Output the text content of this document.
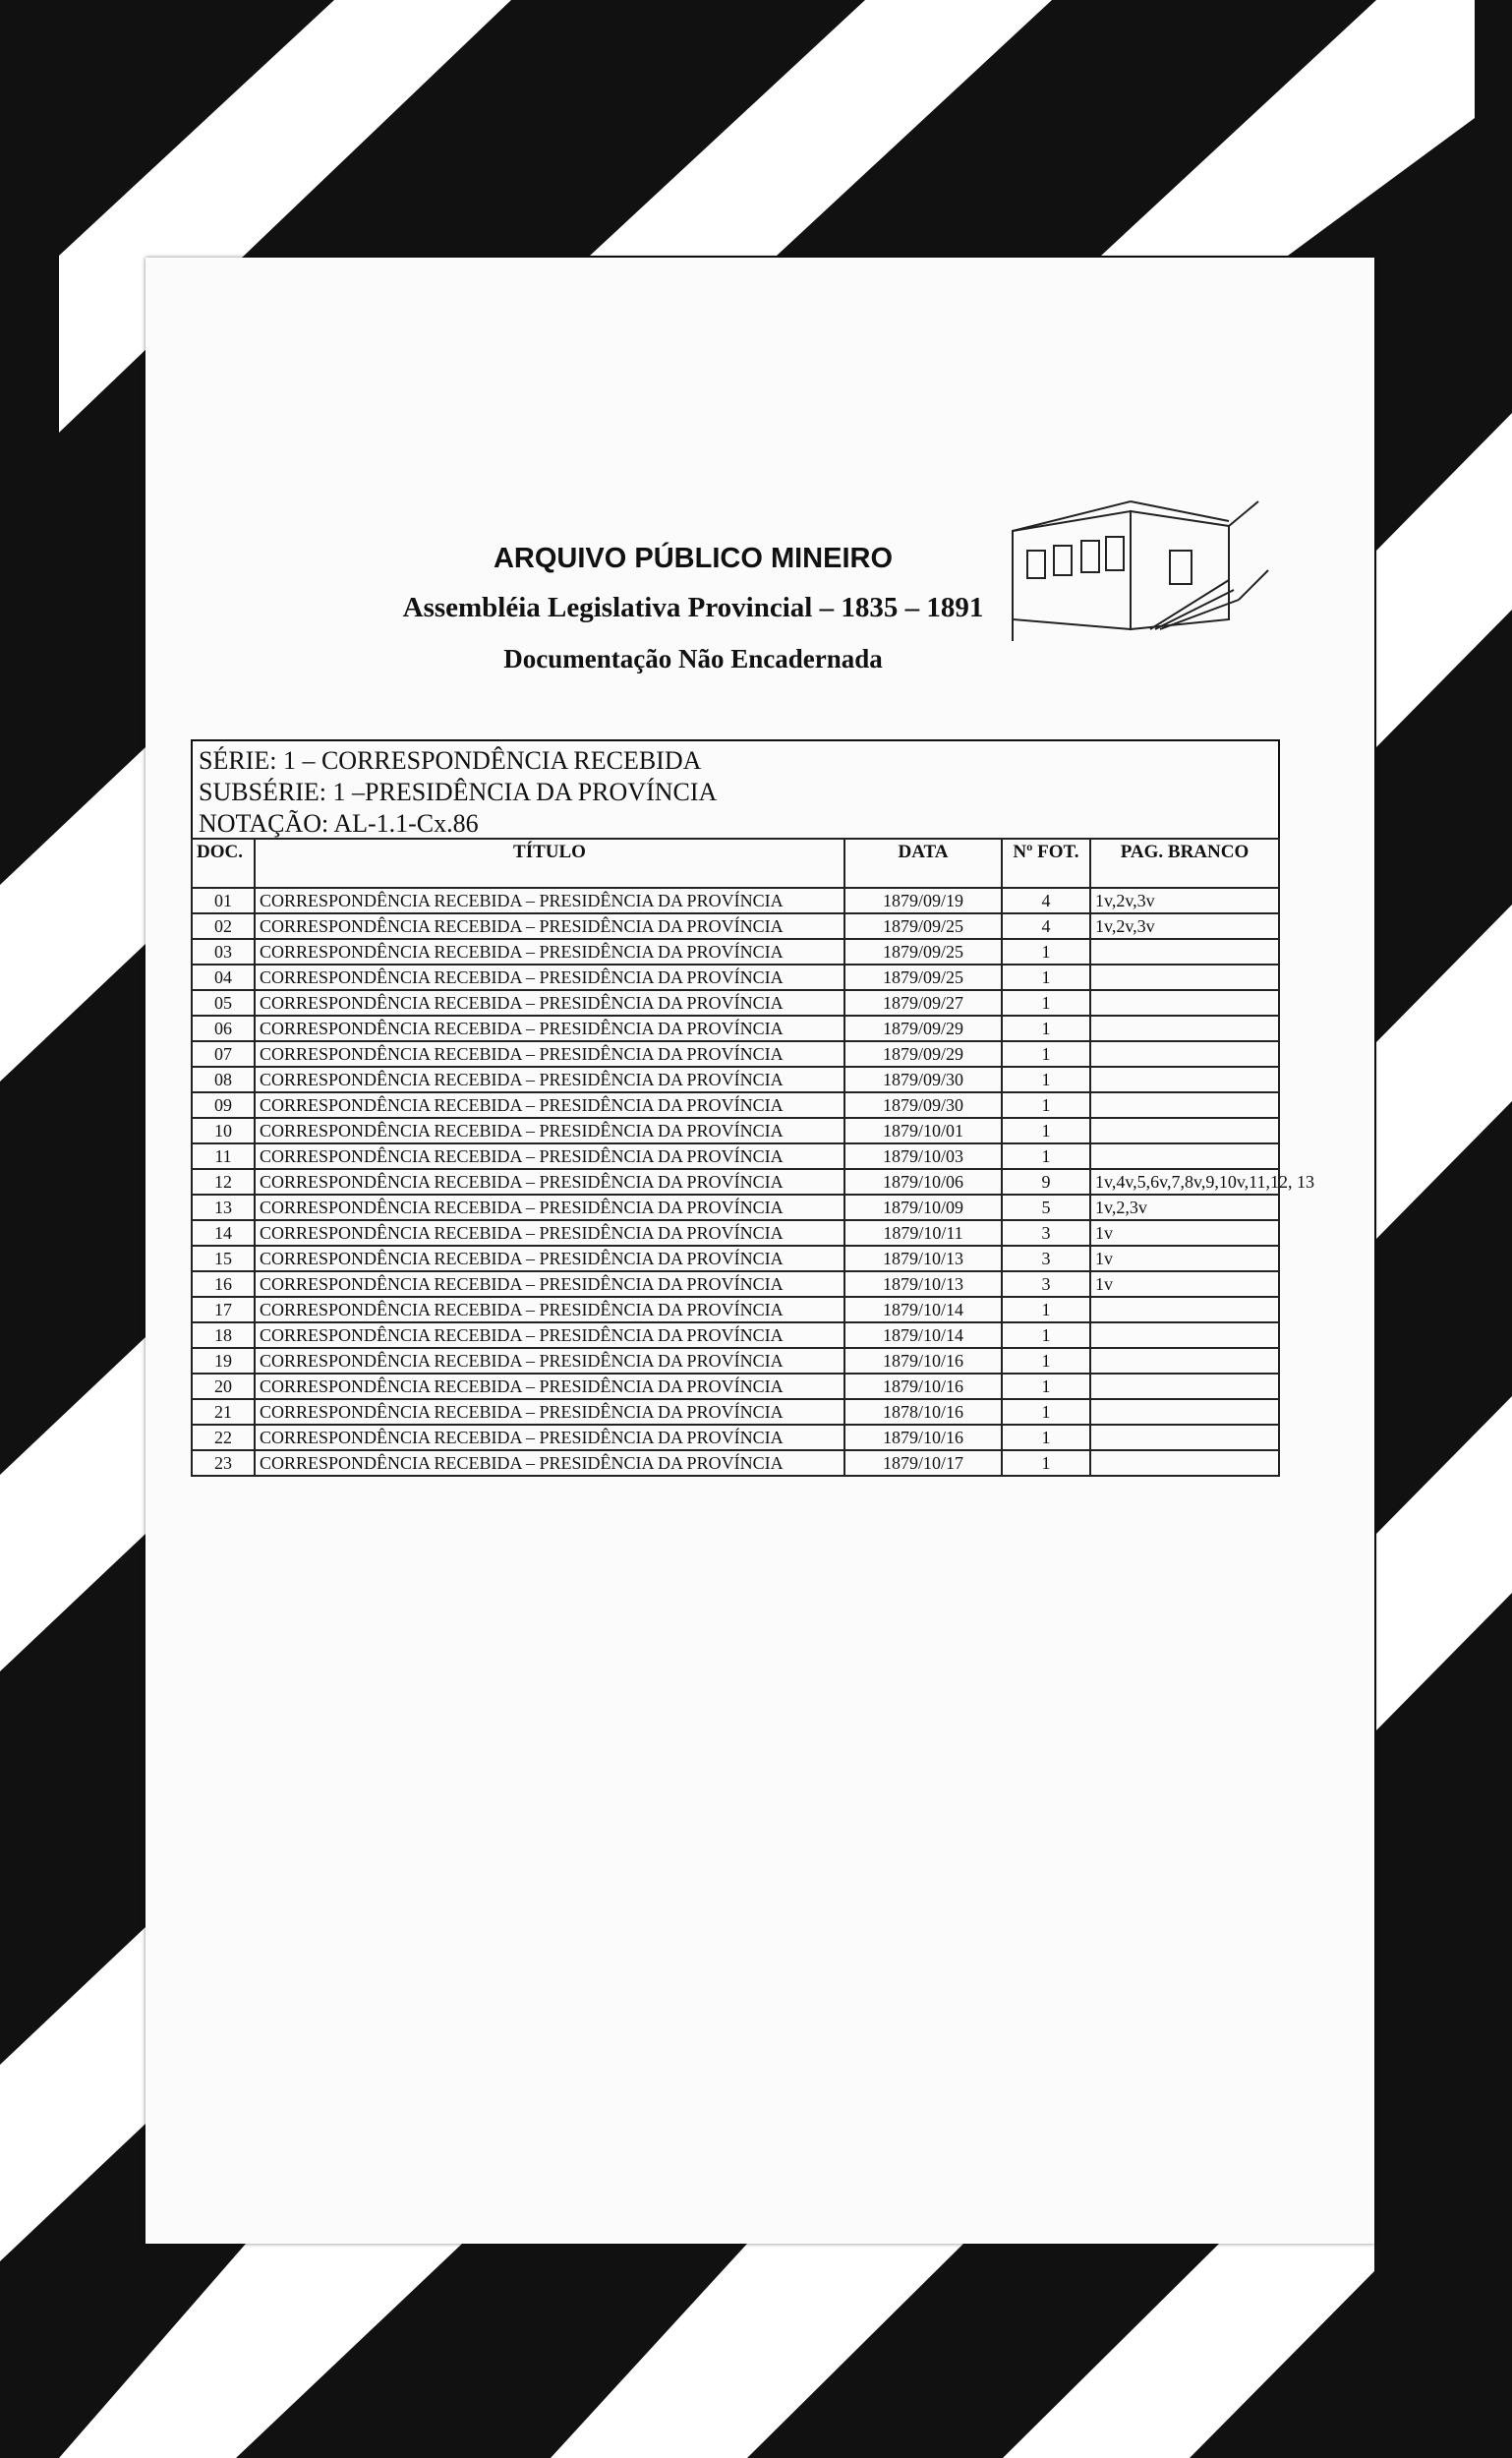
ARQUIVO PÚBLICO MINEIRO
Assembléia Legislativa Provincial – 1835 – 1891
Documentação Não Encadernada
SÉRIE: 1 – CORRESPONDÊNCIA RECEBIDA
SUBSÉRIE: 1 –PRESIDÊNCIA DA PROVÍNCIA
NOTAÇÃO: AL-1.1-Cx.86
DOC.	TÍTULO	DATA	Nº FOT.	PAG. BRANCO
01	CORRESPONDÊNCIA RECEBIDA – PRESIDÊNCIA DA PROVÍNCIA	1879/09/19	4	1v,2v,3v
02	CORRESPONDÊNCIA RECEBIDA – PRESIDÊNCIA DA PROVÍNCIA	1879/09/25	4	1v,2v,3v
03	CORRESPONDÊNCIA RECEBIDA – PRESIDÊNCIA DA PROVÍNCIA	1879/09/25	1	
04	CORRESPONDÊNCIA RECEBIDA – PRESIDÊNCIA DA PROVÍNCIA	1879/09/25	1	
05	CORRESPONDÊNCIA RECEBIDA – PRESIDÊNCIA DA PROVÍNCIA	1879/09/27	1	
06	CORRESPONDÊNCIA RECEBIDA – PRESIDÊNCIA DA PROVÍNCIA	1879/09/29	1	
07	CORRESPONDÊNCIA RECEBIDA – PRESIDÊNCIA DA PROVÍNCIA	1879/09/29	1	
08	CORRESPONDÊNCIA RECEBIDA – PRESIDÊNCIA DA PROVÍNCIA	1879/09/30	1	
09	CORRESPONDÊNCIA RECEBIDA – PRESIDÊNCIA DA PROVÍNCIA	1879/09/30	1	
10	CORRESPONDÊNCIA RECEBIDA – PRESIDÊNCIA DA PROVÍNCIA	1879/10/01	1	
11	CORRESPONDÊNCIA RECEBIDA – PRESIDÊNCIA DA PROVÍNCIA	1879/10/03	1	
12	CORRESPONDÊNCIA RECEBIDA – PRESIDÊNCIA DA PROVÍNCIA	1879/10/06	9	1v,4v,5,6v,7,8v,9,10v,11,12, 13
13	CORRESPONDÊNCIA RECEBIDA – PRESIDÊNCIA DA PROVÍNCIA	1879/10/09	5	1v,2,3v
14	CORRESPONDÊNCIA RECEBIDA – PRESIDÊNCIA DA PROVÍNCIA	1879/10/11	3	1v
15	CORRESPONDÊNCIA RECEBIDA – PRESIDÊNCIA DA PROVÍNCIA	1879/10/13	3	1v
16	CORRESPONDÊNCIA RECEBIDA – PRESIDÊNCIA DA PROVÍNCIA	1879/10/13	3	1v
17	CORRESPONDÊNCIA RECEBIDA – PRESIDÊNCIA DA PROVÍNCIA	1879/10/14	1	
18	CORRESPONDÊNCIA RECEBIDA – PRESIDÊNCIA DA PROVÍNCIA	1879/10/14	1	
19	CORRESPONDÊNCIA RECEBIDA – PRESIDÊNCIA DA PROVÍNCIA	1879/10/16	1	
20	CORRESPONDÊNCIA RECEBIDA – PRESIDÊNCIA DA PROVÍNCIA	1879/10/16	1	
21	CORRESPONDÊNCIA RECEBIDA – PRESIDÊNCIA DA PROVÍNCIA	1878/10/16	1	
22	CORRESPONDÊNCIA RECEBIDA – PRESIDÊNCIA DA PROVÍNCIA	1879/10/16	1	
23	CORRESPONDÊNCIA RECEBIDA – PRESIDÊNCIA DA PROVÍNCIA	1879/10/17	1	
